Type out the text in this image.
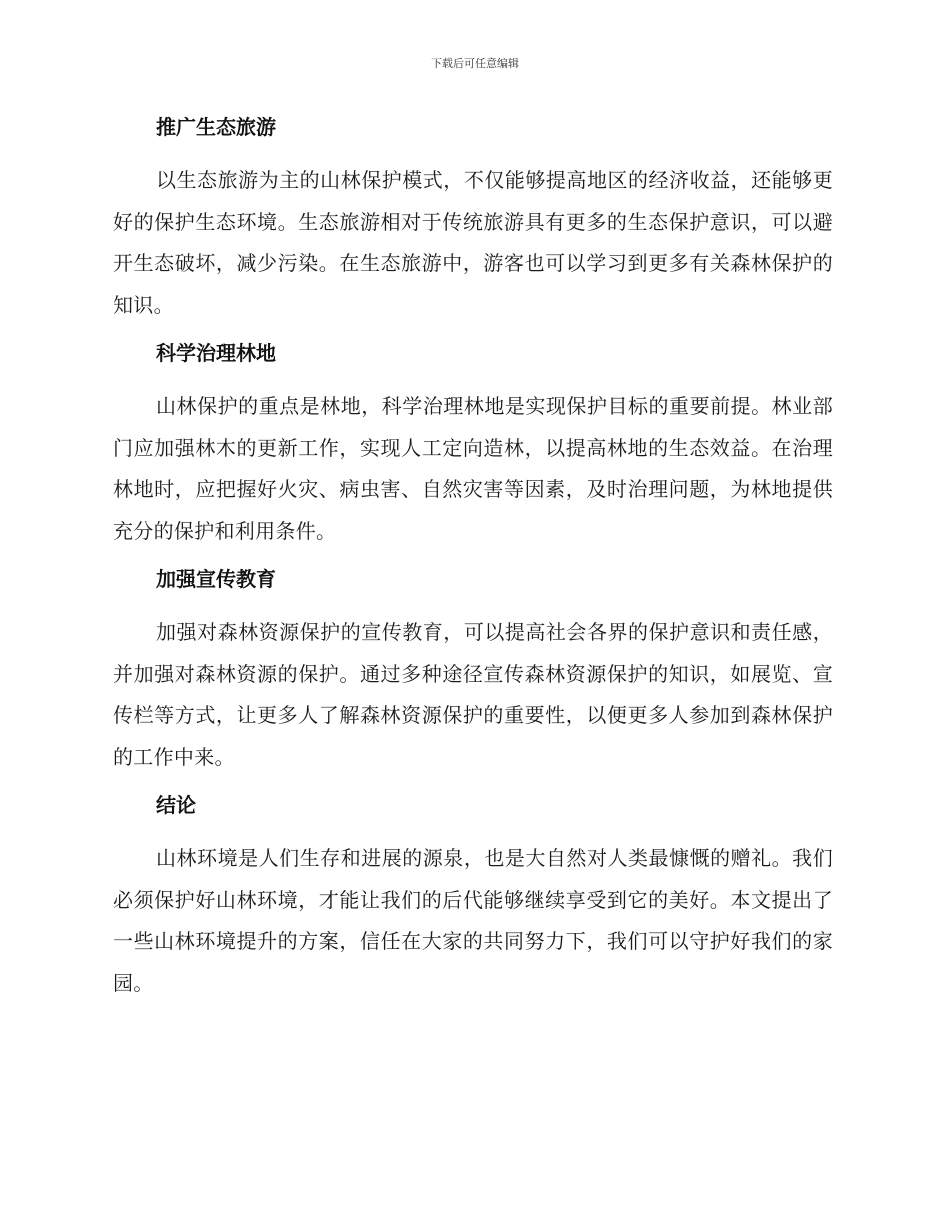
下载后可任意编辑
推广生态旅游

以生态旅游为主的山林保护模式，不仅能够提高地区的经济收益，还能够更好的保护生态环境。生态旅游相对于传统旅游具有更多的生态保护意识，可以避开生态破坏，减少污染。在生态旅游中，游客也可以学习到更多有关森林保护的知识。

科学治理林地

山林保护的重点是林地，科学治理林地是实现保护目标的重要前提。林业部门应加强林木的更新工作，实现人工定向造林，以提高林地的生态效益。在治理林地时，应把握好火灾、病虫害、自然灾害等因素，及时治理问题，为林地提供充分的保护和利用条件。

加强宣传教育

加强对森林资源保护的宣传教育，可以提高社会各界的保护意识和责任感，并加强对森林资源的保护。通过多种途径宣传森林资源保护的知识，如展览、宣传栏等方式，让更多人了解森林资源保护的重要性，以便更多人参加到森林保护的工作中来。

结论

山林环境是人们生存和进展的源泉，也是大自然对人类最慷慨的赠礼。我们必须保护好山林环境，才能让我们的后代能够继续享受到它的美好。本文提出了一些山林环境提升的方案，信任在大家的共同努力下，我们可以守护好我们的家园。
